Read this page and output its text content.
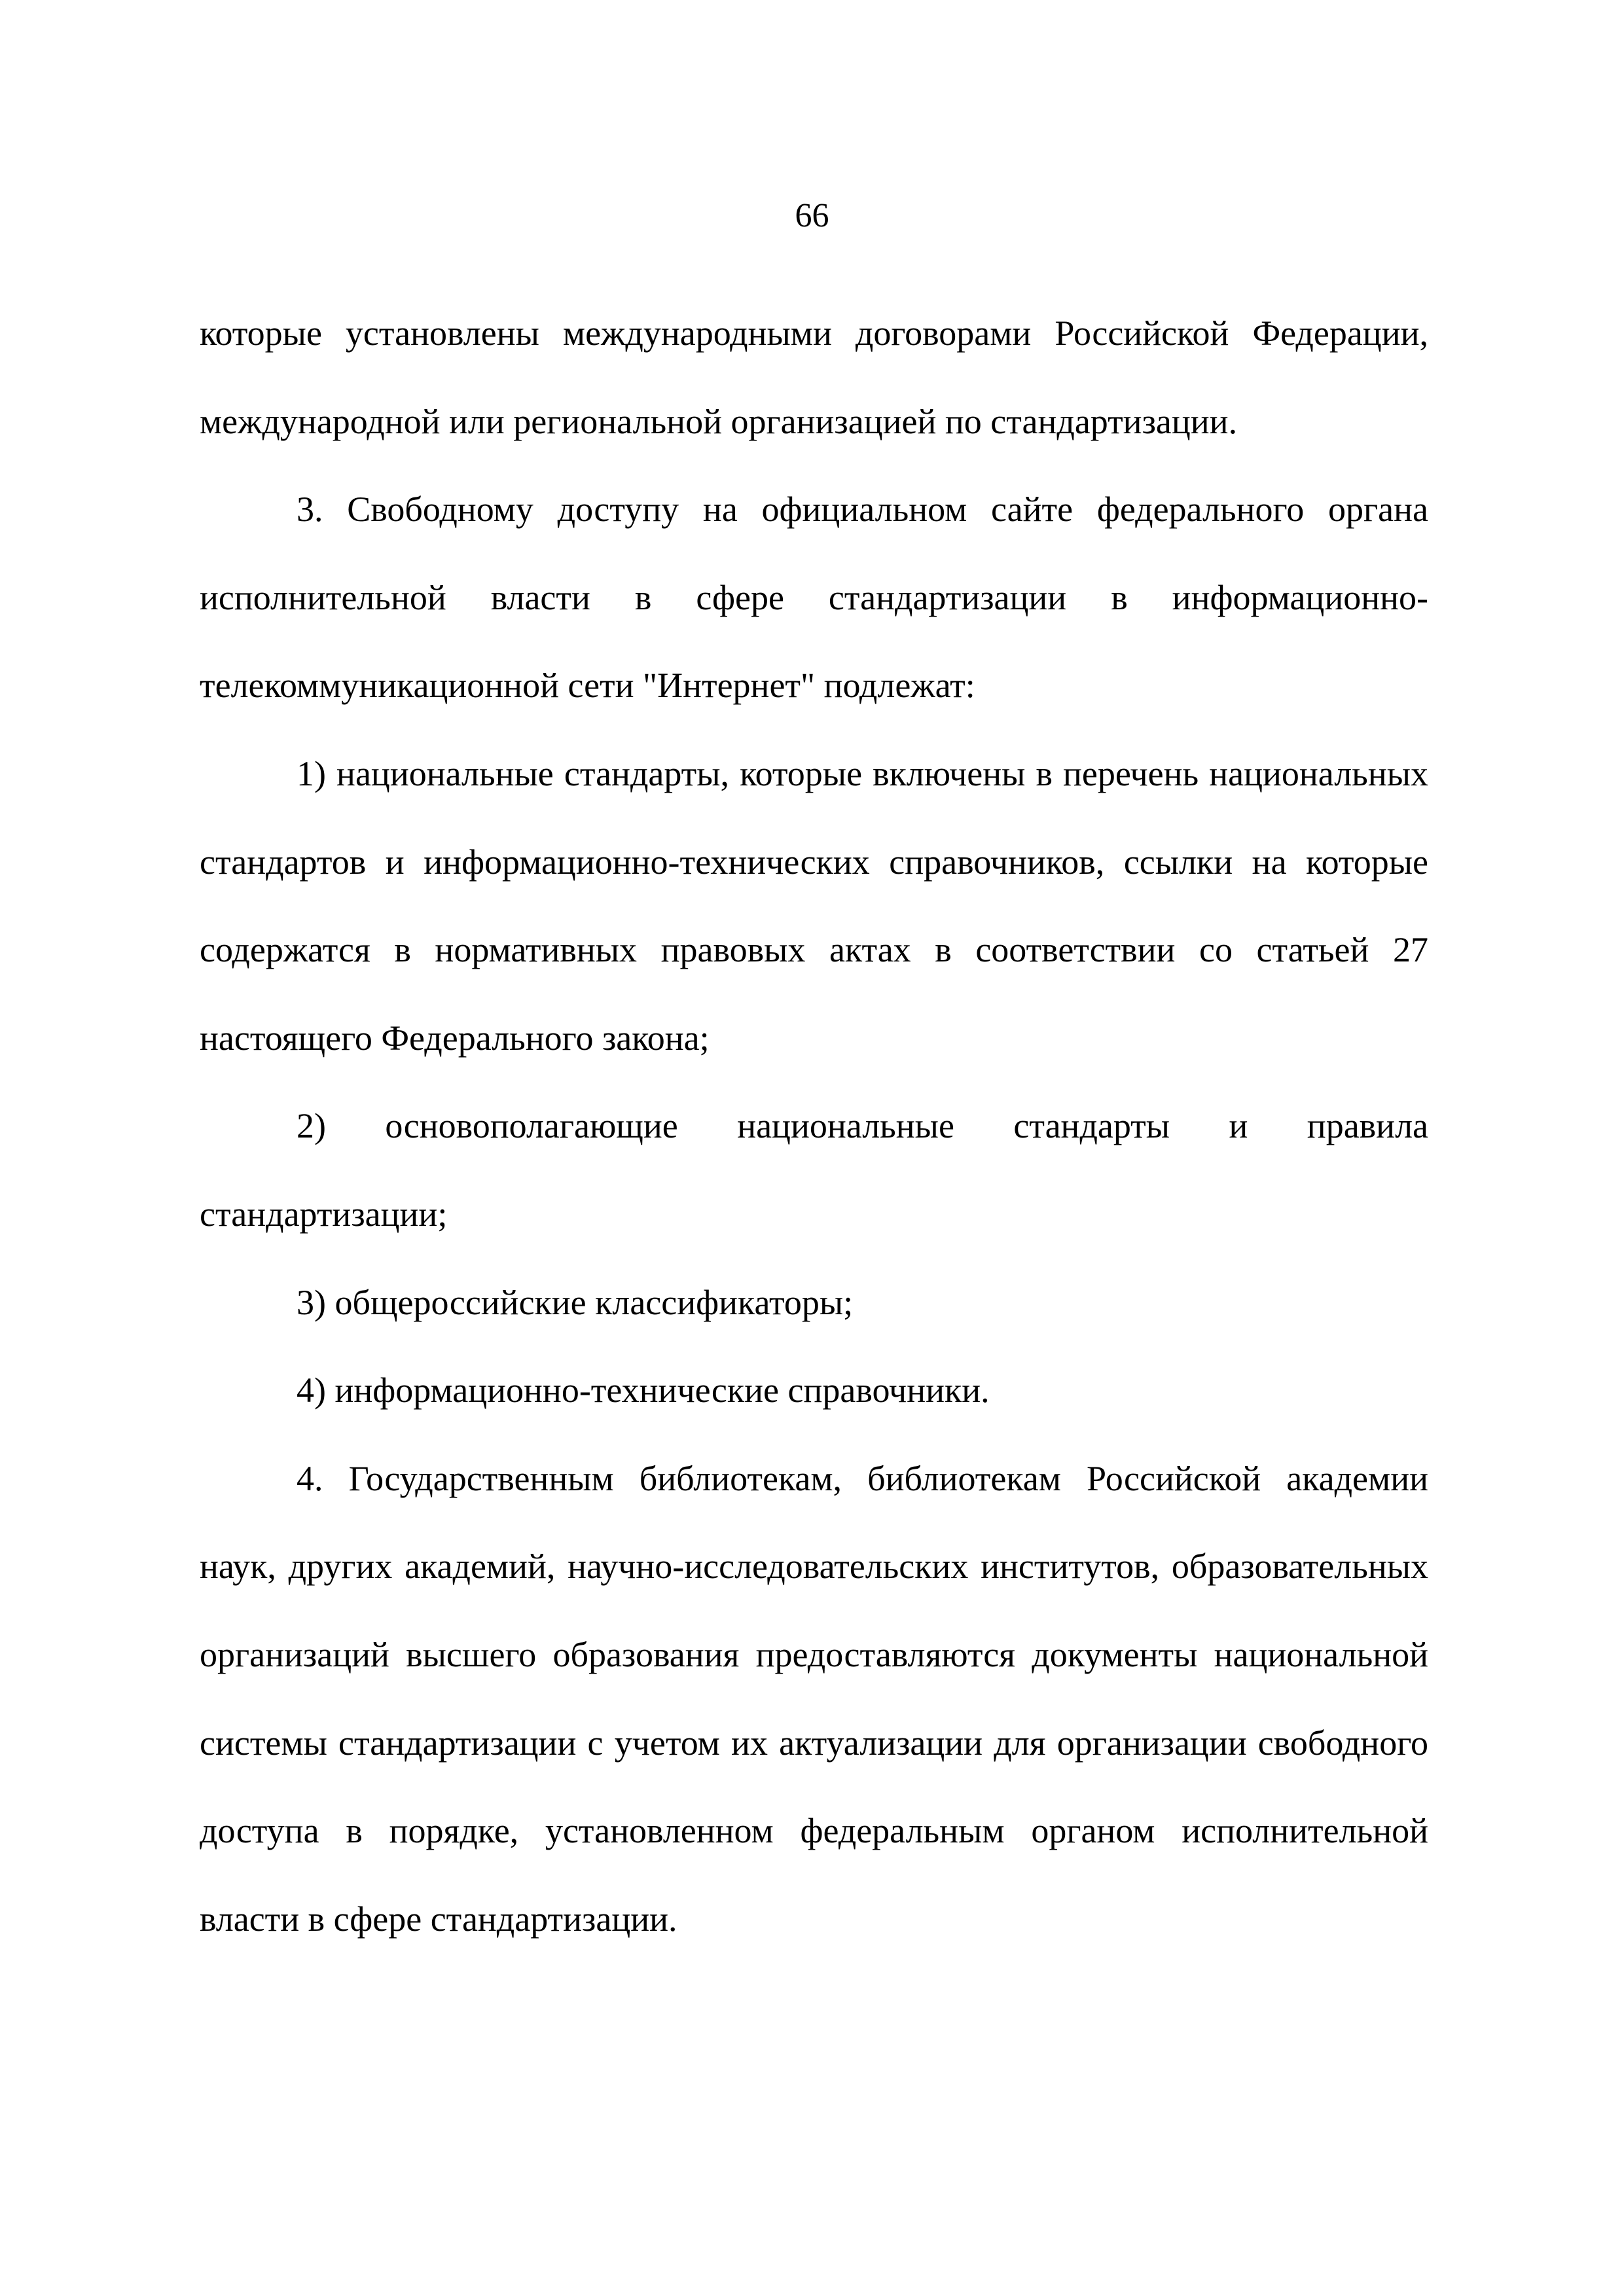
66

которые установлены международными договорами Российской Федерации, международной или региональной организацией по стандартизации.

3. Свободному доступу на официальном сайте федерального органа исполнительной власти в сфере стандартизации в информационно-телекоммуникационной сети "Интернет" подлежат:

1) национальные стандарты, которые включены в перечень национальных стандартов и информационно-технических справочников, ссылки на которые содержатся в нормативных правовых актах в соответствии со статьей 27 настоящего Федерального закона;

2) основополагающие национальные стандарты и правила стандартизации;

3) общероссийские классификаторы;

4) информационно-технические справочники.

4. Государственным библиотекам, библиотекам Российской академии наук, других академий, научно-исследовательских институтов, образовательных организаций высшего образования предоставляются документы национальной системы стандартизации с учетом их актуализации для организации свободного доступа в порядке, установленном федеральным органом исполнительной власти в сфере стандартизации.
